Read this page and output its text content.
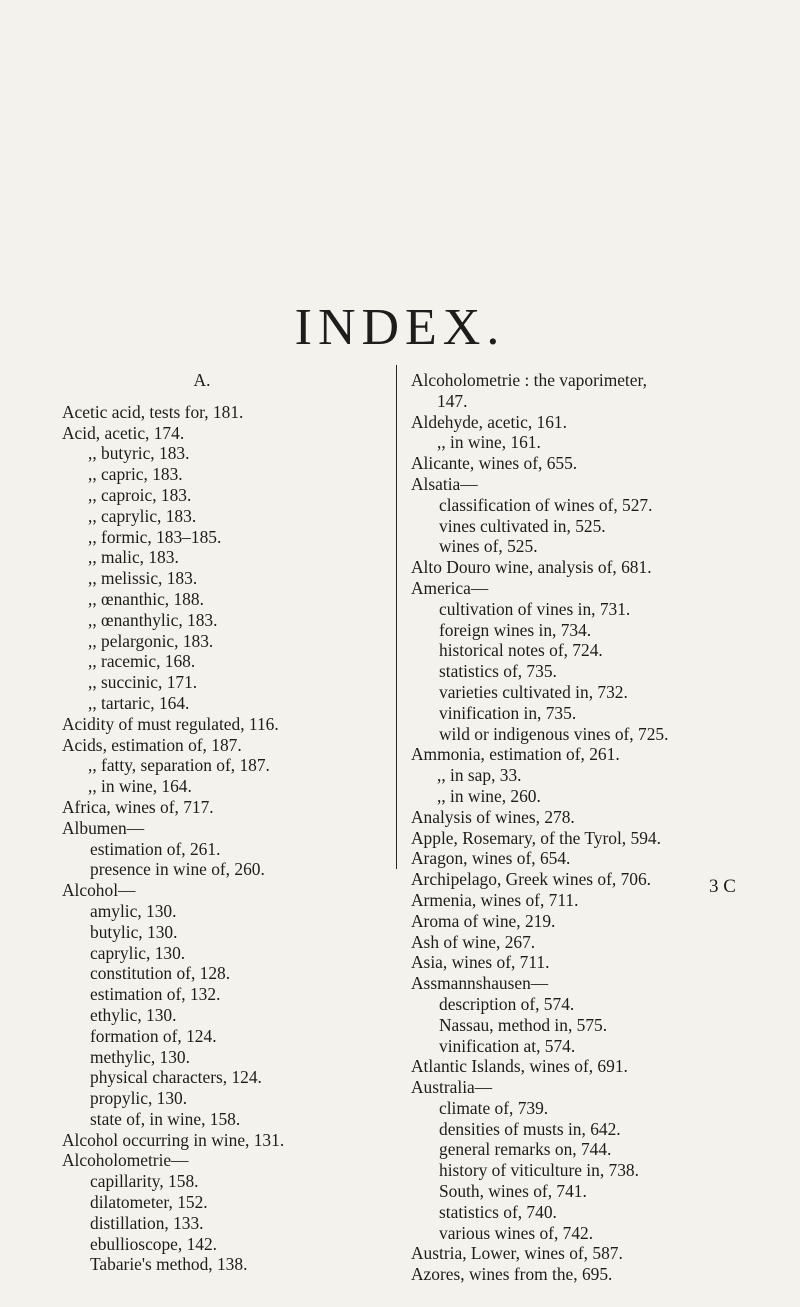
INDEX.
A.
Acetic acid, tests for, 181.
Acid, acetic, 174.
,, butyric, 183.
,, capric, 183.
,, caproic, 183.
,, caprylic, 183.
,, formic, 183–185.
,, malic, 183.
,, melissic, 183.
,, œnanthic, 188.
,, œnanthylic, 183.
,, pelargonic, 183.
,, racemic, 168.
,, succinic, 171.
,, tartaric, 164.
Acidity of must regulated, 116.
Acids, estimation of, 187.
,, fatty, separation of, 187.
,, in wine, 164.
Africa, wines of, 717.
Albumen—
estimation of, 261.
presence in wine of, 260.
Alcohol—
amylic, 130.
butylic, 130.
caprylic, 130.
constitution of, 128.
estimation of, 132.
ethylic, 130.
formation of, 124.
methylic, 130.
physical characters, 124.
propylic, 130.
state of, in wine, 158.
Alcohol occurring in wine, 131.
Alcoholometrie—
capillarity, 158.
dilatometer, 152.
distillation, 133.
ebullioscope, 142.
Tabarie's method, 138.
Alcoholometrie : the vaporimeter,
147.
Aldehyde, acetic, 161.
,, in wine, 161.
Alicante, wines of, 655.
Alsatia—
classification of wines of, 527.
vines cultivated in, 525.
wines of, 525.
Alto Douro wine, analysis of, 681.
America—
cultivation of vines in, 731.
foreign wines in, 734.
historical notes of, 724.
statistics of, 735.
varieties cultivated in, 732.
vinification in, 735.
wild or indigenous vines of, 725.
Ammonia, estimation of, 261.
,, in sap, 33.
,, in wine, 260.
Analysis of wines, 278.
Apple, Rosemary, of the Tyrol, 594.
Aragon, wines of, 654.
Archipelago, Greek wines of, 706.
Armenia, wines of, 711.
Aroma of wine, 219.
Ash of wine, 267.
Asia, wines of, 711.
Assmannshausen—
description of, 574.
Nassau, method in, 575.
vinification at, 574.
Atlantic Islands, wines of, 691.
Australia—
climate of, 739.
densities of musts in, 642.
general remarks on, 744.
history of viticulture in, 738.
South, wines of, 741.
statistics of, 740.
various wines of, 742.
Austria, Lower, wines of, 587.
Azores, wines from the, 695.
3 C
